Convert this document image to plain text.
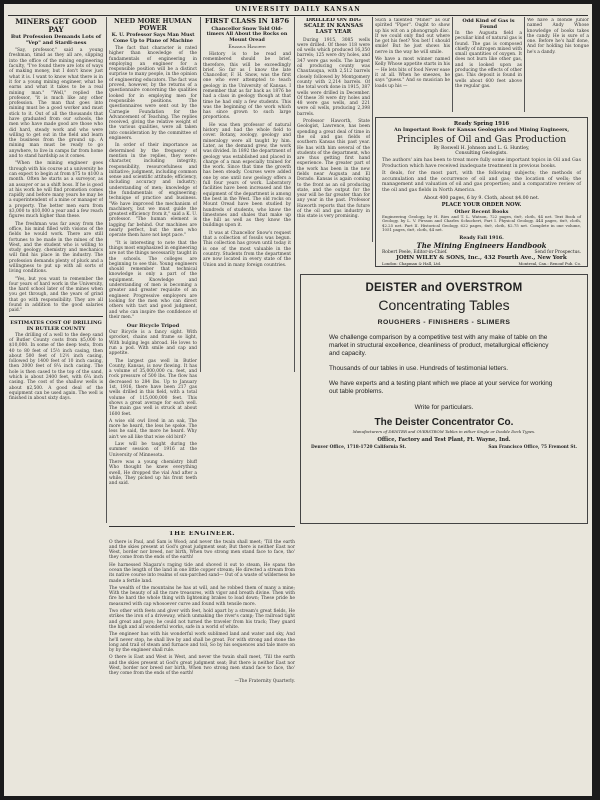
UNIVERSITY DAILY KANSAN
MINERS GET GOOD PAY
But Profession Demands Lots of "Vep" and Stardi-ness
"Say, professor," said a young freshman, timid as they all are, slipping into the office of the mining engineering faculty, "I've found there are lots of ways of making money, but I don't know just what it is. I want to know what there is in it for a young mining engineer, what he earns and what it takes to be a real mining man." "Well," replied the professor, "it is much like any other profession. The man that goes into mining must be a good worker and must stick to it. Out of all the thousands that have graduated from our schools, the men who have made good are those who did hard, steady work and who were willing to get out in the field and learn the business from the ground up. A mining man must be ready to go anywhere, to live in camps far from home and to stand hardship as it comes.
"When the mining engineer goes through with his course at a university he can expect to begin at from $75 to $100 a month. Often he starts as a surveyor, as an assayer or as a shift boss. If he is good at his work he will find promotion comes rapidly and before many years he may be a superintendent of a mine or manager of a property. The better men earn from $3,000 to $10,000 a year and a few reach figures much higher than these.
The freshman was far away from the office, his mind filled with visions of the fields he would work. There are still fortunes to be made in the mines of the West, and the student who is willing to study geology, chemistry and mechanics will find his place in the industry. The profession demands plenty of pluck and a willingness to put up with all sorts of living conditions.
"Yes, but you want to remember the four years of hard work in the University, the hard school later of the mines when you get through, and the years of grind that go with responsibility. They are all found in addition to the good salaries paid."
ESTIMATES COST OF DRILLING IN BUTLER COUNTY
The drilling of a well to the deep sand of Butler County costs from $5,000 to $10,000. In some of the deep tests, from 40 to 80 feet of 15½ inch casing, then about 500 feet of 12½ inch casing, followed by 1400 feet of 10 inch casing, then 2000 feet of 8¼ inch casing. The hole is then cased to the top of the sand, which is about 2400 feet, with 6¼ inch casing. The cost of the shallow wells is about $2,500. A good deal of the equipment can be used again. The well is finished in about sixty days.
NEED MORE HUMAN POWER
K. U. Professor Says Man Must Come Up to Plane of Machine
The fact that character is rated higher than knowledge of the fundamentals of engineering in employing an engineer for a responsible position will be a distinct surprise to many people, in the opinion of engineering educators. The fact was proved, however, by the returns of a questionnaire concerning the qualities looked for in employing men for responsible positions. The questionnaires were sent out by the Carnegie Foundation for the Advancement of Teaching. The replies received, giving the relative weight of the various qualities, were all taken into consideration by the committee of engineers.
In order of their importance as determined by the frequency of mention in the replies, they were: character, including integrity, responsibility, resourcefulness and initiative; judgment, including common sense and scientific attitude; efficiency, including accuracy and industry; understanding of men; knowledge of the fundamentals of engineering; technique of practice and business. "We have improved the mechanism of machinery, but we must guide the greatest efficiency from it," said a K. U. professor. "The human element is lagging far behind. Our machines are nearly perfect, but the men who operate them have not kept pace."
"It is interesting to note that the things most emphasized in engineering are not the things necessarily taught in the schools. The colleges are beginning to see this. Young engineers should remember that technical knowledge is only a part of the equipment. Knowledge and understanding of men is becoming a greater and greater requisite of an engineer. Progressive employers are looking for the men who can direct others with tact and good judgment, and who can inspire the confidence of their men."
Our Bicycle Tripod
Our Bicycle is a fancy sight. With sprocket, chains and frame so light, With bulging legs abroad. He loves to run a pod. With smile and cap and appetite.
The largest gas well in Butler County, Kansas, is now flowing. It has a volume of 35,000,000 cu. feet, and rock pressure of 500 lbs. The flow has decreased to 284 lbs. Up to January 1st, 1916, there have been 217 gas wells drilled in this field, with a total volume of 115,000,000 feet. This shows a great average for each well. The main gas well is struck at about 1600 feet.
A wise old owl lived in an oak, The more he heard, the less he spoke. The less he said, the more he heard. Why ain't we all like that wise old bird?
Law will be taught during the summer session of 1916 at the University of Minnesota.
There was a young chemistry bluff Who thought he knew everything swell, He dropped the vial And after a while, They picked up his front teeth and said.
FIRST CLASS IN 1876
Chancellor Snow Told Old-timers All About the Rocks on Mount Oread
Erasmus Haworth
History is to be read and remembered should be brief, therefore, this will be exceedingly brief. So far as I know the late Chancellor, F. H. Snow, was the first one who ever attempted to teach geology in the University of Kansas. I remember that as far back as 1876 he had a class in geology though at that time he had only a few students. This was the beginning of the work which has since grown to such large proportions.
He was then professor of natural history and had the whole field to cover. Botany, zoology, geology and mineralogy were all taught by him. Later, as the demand grew, the work was divided. In 1892 the department of geology was established and placed in charge of a man especially trained for the work. Since that time the growth has been steady. Courses were added one by one until now geology offers a full four years of work. Laboratory facilities have been increased and the equipment of the department is among the best in the West. The old rocks on Mount Oread have been studied by hundreds of students, who know the limestones and shales that make up the hill as well as they know the buildings upon it.
It was at Chancellor Snow's request that a collection of fossils was begun. This collection has grown until today it is one of the most valuable in the country. Students from the department are now located in every state of the Union and in many foreign countries.
DRILLED ON BIG SCALE IN KANSAS LAST YEAR
During 1915, 3085 wells were drilled. Of these 118 were oil wells which produced 16,350 barrels; 125 were dry holes, and 347 were gas wells. The largest oil producing county was Chautauqua, with 2,512 barrels closely followed by Montgomery county with 2,214 barrels. Of the total work done in 1915, 387 wells were drilled in December. Of these 38 were dry holes and 48 were gas wells, and 221 were oil wells, producing 2,398 barrels.
Professor Haworth, State Geologist, Lawrence, has been spending a great deal of time in the oil and gas fields of southern Kansas this past year. He has with him several of the students of the department, who are thus getting first hand experience. The greater part of the work has been in the new fields near Augusta and El Dorado. Kansas is again coming to the front as an oil producing state, and the output for the year will be far greater than for any year in the past. Professor Haworth reports that the future of the oil and gas industry in this state is very promising.
Such a talented "Miner" as our spirited "Piper". Ought to show up his wit on a phonograph disc. If we could only find out where he got his feet? You bet! I should smile! But he just shows his nerve in the way he will smile.
We have a most winner named Kelly Whose appetite starts in his — He lets bits of food Never ease it at all. When he sneezes, he says "guess." And so musician he loads up his —
Odd Kind of Gas is Found
In the Augusta field a peculiar kind of natural gas is found. The gas is composed chiefly of nitrogen mixed with small quantities of oxygen. It does not burn like other gas, and is looked upon as producing the effects of other gas. This deposit is found in wells about 600 feet above the regular gas.
We have a blonde junior named Andy Whose knowledge of books takes the candy. He is sure of a one. Before he's half done, And for holding his tongue he's a dandy.
Ready Spring 1916
An Important Book for Kansas Geologists and Mining Engineers,
Principles of Oil and Gas Production
By Roswell H. Johnson and L. G. Huntley,
Consulting Geologists.
The authors' aim has been to treat more fully some important topics in Oil and Gas Production which have received inadequate treatment in previous books.
It deals, for the most part, with the following subjects; the methods of accumulation and the occurrence of oil and gas; the location of wells; the management and valuation of oil and gas properties; and a comparative review of the oil and gas fields in North America.
About 400 pages, 6 by 9. Cloth, about $4.00 net.
PLACE YOUR ORDER NOW.
Other Recent Books
Engineering Geology, by H. Ries and T. L. Watson, 722 pages, 6x9, cloth, $4 net. Text Book of Geology, by L. V. Pirsson and Charles Schuchert, Part I. Physical Geology, 444 pages, 6x9, cloth, $2.25 net. Part II. Historical Geology, 622 pages, 6x9, cloth, $2.75 net. Complete in one volume, 1051 pages, 6x9, cloth, $4 net.
Ready Fall 1916.
The Mining Engineers Handbook
Robert Peele, Editor-in-Chief.	Send for Prospectus.
JOHN WILEY & SONS, Inc., 432 Fourth Ave., New York
London: Chapman & Hall, Ltd.	Montreal, Can.: Renouf Pub. Co.
DEISTER and OVERSTROM
Concentrating Tables
ROUGHERS - FINISHERS - SLIMERS
We challenge comparison by a competitive test with any make of table on the market in structural excellence, cleanliness of product, metallurgical efficiency and capacity.
Thousands of our tables in use. Hundreds of testimonial letters.
We have experts and a testing plant which we place at your service for working out table problems.
Write for particulars.
The Deister Concentrator Co.
Manufacturers of DEISTER and OVERSTROM Tables in either Single or Double Deck Types.
Office, Factory and Test Plant, Ft. Wayne, Ind.
Denver Office, 1718-1720 California St.	San Francisco Office, 75 Fremont St.
THE ENGINEER.
O there is Paul, and Sam is Wood; and never the twain shall meet; 'Till the earth and the skies present at God's great judgment seat; But there is neither East nor West, border nor breed, nor birth, When two strong men stand face to face, tho' they come from the ends of the earth!
He harnessed Niagara's raging tide and shoved it out to steam, He spans the ocean the length of the land in one little copper stream; He directed a stream from its native course into realms of sun-parched sand— Out of a waste of wilderness he made a fertile land.
The wealth of the mountains he has at will, and he robbed them of many a mine; With the beauty of all the rare treasures, with vigor and breath divine. Then with fire he hard the whole thing with lightening brakes to load down; These pride he measured with cap whosoever curve and found with tensile more.
Two other with feets and giver with feet, hold apart by a stream's great fields, He strikes the iron of a driveway, which unmaking the river's camp; The railroad tight and great and pays; he could not turned the traveler from his track; They guard the high and all wonderful works, safe in a world of white.
The engineer has with his wonderful work sublimed land and water and sky, And he'll never stop, he shall live by and shall be great. For with strong and stone the long and trail of steam and furnace and toil, So by his sequences and tale more on by by the engineer shall rule.
O there is East and West is West, and never the twain shall meet, 'Till the earth and the skies present at God's great judgment seat; But there is neither East nor West, border nor breed nor birth, When two strong men stand face to face, tho' they come from the ends of the earth!
—The Fraternity Quarterly.
